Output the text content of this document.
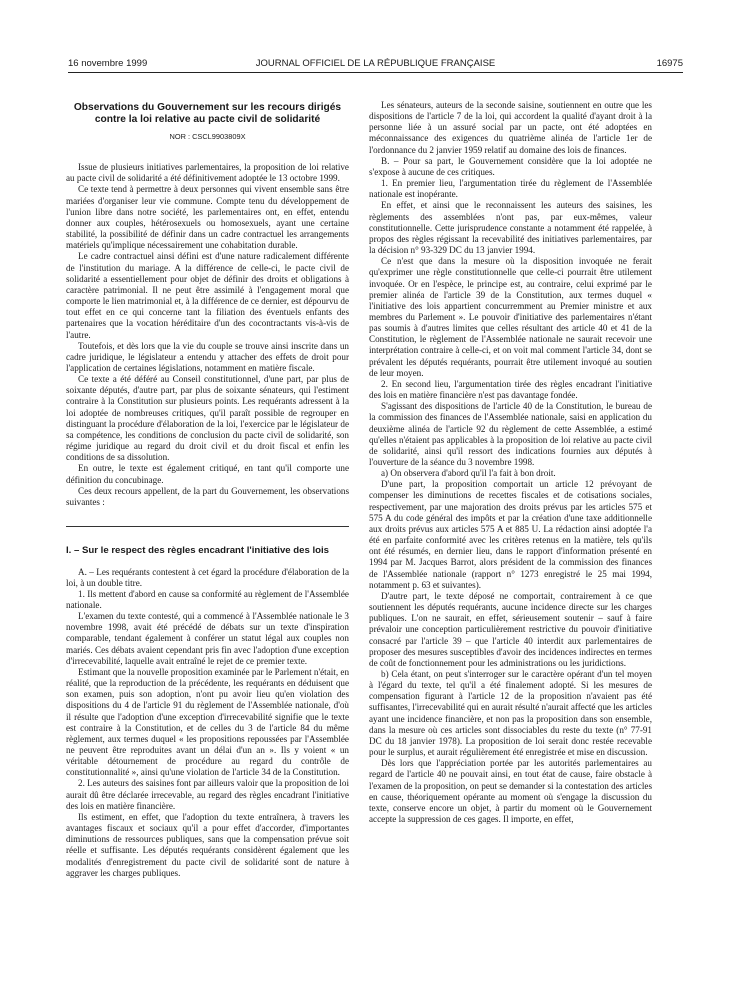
16 novembre 1999	JOURNAL OFFICIEL DE LA RÉPUBLIQUE FRANÇAISE	16975
Observations du Gouvernement sur les recours dirigés contre la loi relative au pacte civil de solidarité
NOR : CSCL9903809X

Issue de plusieurs initiatives parlementaires, la proposition de loi relative au pacte civil de solidarité a été définitivement adoptée le 13 octobre 1999.

Ce texte tend à permettre à deux personnes qui vivent ensemble sans être mariées d'organiser leur vie commune. Compte tenu du développement de l'union libre dans notre société, les parlementaires ont, en effet, entendu donner aux couples, hétérosexuels ou homosexuels, ayant une certaine stabilité, la possibilité de définir dans un cadre contractuel les arrangements matériels qu'implique nécessairement une cohabitation durable.

Le cadre contractuel ainsi défini est d'une nature radicalement différente de l'institution du mariage. A la différence de celle-ci, le pacte civil de solidarité a essentiellement pour objet de définir des droits et obligations à caractère patrimonial. Il ne peut être assimilé à l'engagement moral que comporte le lien matrimonial et, à la différence de ce dernier, est dépourvu de tout effet en ce qui concerne tant la filiation des éventuels enfants des partenaires que la vocation héréditaire d'un des cocontractants vis-à-vis de l'autre.

Toutefois, et dès lors que la vie du couple se trouve ainsi inscrite dans un cadre juridique, le législateur a entendu y attacher des effets de droit pour l'application de certaines législations, notamment en matière fiscale.

Ce texte a été déféré au Conseil constitutionnel, d'une part, par plus de soixante députés, d'autre part, par plus de soixante sénateurs, qui l'estiment contraire à la Constitution sur plusieurs points. Les requérants adressent à la loi adoptée de nombreuses critiques, qu'il paraît possible de regrouper en distinguant la procédure d'élaboration de la loi, l'exercice par le législateur de sa compétence, les conditions de conclusion du pacte civil de solidarité, son régime juridique au regard du droit civil et du droit fiscal et enfin les conditions de sa dissolution.

En outre, le texte est également critiqué, en tant qu'il comporte une définition du concubinage.

Ces deux recours appellent, de la part du Gouvernement, les observations suivantes :

I. – Sur le respect des règles encadrant l'initiative des lois

A. – Les requérants contestent à cet égard la procédure d'élaboration de la loi, à un double titre.

1. Ils mettent d'abord en cause sa conformité au règlement de l'Assemblée nationale.

L'examen du texte contesté, qui a commencé à l'Assemblée nationale le 3 novembre 1998, avait été précédé de débats sur un texte d'inspiration comparable, tendant également à conférer un statut légal aux couples non mariés. Ces débats avaient cependant pris fin avec l'adoption d'une exception d'irrecevabilité, laquelle avait entraîné le rejet de ce premier texte.

Estimant que la nouvelle proposition examinée par le Parlement n'était, en réalité, que la reproduction de la précédente, les requérants en déduisent que son examen, puis son adoption, n'ont pu avoir lieu qu'en violation des dispositions du 4 de l'article 91 du règlement de l'Assemblée nationale, d'où il résulte que l'adoption d'une exception d'irrecevabilité signifie que le texte est contraire à la Constitution, et de celles du 3 de l'article 84 du même règlement, aux termes duquel « les propositions repoussées par l'Assemblée ne peuvent être reproduites avant un délai d'un an ». Ils y voient « un véritable détournement de procédure au regard du contrôle de constitutionnalité », ainsi qu'une violation de l'article 34 de la Constitution.

2. Les auteurs des saisines font par ailleurs valoir que la proposition de loi aurait dû être déclarée irrecevable, au regard des règles encadrant l'initiative des lois en matière financière.

Ils estiment, en effet, que l'adoption du texte entraînera, à travers les avantages fiscaux et sociaux qu'il a pour effet d'accorder, d'importantes diminutions de ressources publiques, sans que la compensation prévue soit réelle et suffisante. Les députés requérants considèrent également que les modalités d'enregistrement du pacte civil de solidarité sont de nature à aggraver les charges publiques.

Les sénateurs, auteurs de la seconde saisine, soutiennent en outre que les dispositions de l'article 7 de la loi, qui accordent la qualité d'ayant droit à la personne liée à un assuré social par un pacte, ont été adoptées en méconnaissance des exigences du quatrième alinéa de l'article 1er de l'ordonnance du 2 janvier 1959 relatif au domaine des lois de finances.

B. – Pour sa part, le Gouvernement considère que la loi adoptée ne s'expose à aucune de ces critiques.

1. En premier lieu, l'argumentation tirée du règlement de l'Assemblée nationale est inopérante.

En effet, et ainsi que le reconnaissent les auteurs des saisines, les règlements des assemblées n'ont pas, par eux-mêmes, valeur constitutionnelle. Cette jurisprudence constante a notamment été rappelée, à propos des règles régissant la recevabilité des initiatives parlementaires, par la décision n° 93-329 DC du 13 janvier 1994.

Ce n'est que dans la mesure où la disposition invoquée ne ferait qu'exprimer une règle constitutionnelle que celle-ci pourrait être utilement invoquée. Or en l'espèce, le principe est, au contraire, celui exprimé par le premier alinéa de l'article 39 de la Constitution, aux termes duquel « l'initiative des lois appartient concurremment au Premier ministre et aux membres du Parlement ». Le pouvoir d'initiative des parlementaires n'étant pas soumis à d'autres limites que celles résultant des article 40 et 41 de la Constitution, le règlement de l'Assemblée nationale ne saurait recevoir une interprétation contraire à celle-ci, et on voit mal comment l'article 34, dont se prévalent les députés requérants, pourrait être utilement invoqué au soutien de leur moyen.

2. En second lieu, l'argumentation tirée des règles encadrant l'initiative des lois en matière financière n'est pas davantage fondée.

S'agissant des dispositions de l'article 40 de la Constitution, le bureau de la commission des finances de l'Assemblée nationale, saisi en application du deuxième alinéa de l'article 92 du règlement de cette Assemblée, a estimé qu'elles n'étaient pas applicables à la proposition de loi relative au pacte civil de solidarité, ainsi qu'il ressort des indications fournies aux députés à l'ouverture de la séance du 3 novembre 1998.

a) On observera d'abord qu'il l'a fait à bon droit.

D'une part, la proposition comportait un article 12 prévoyant de compenser les diminutions de recettes fiscales et de cotisations sociales, respectivement, par une majoration des droits prévus par les articles 575 et 575 A du code général des impôts et par la création d'une taxe additionnelle aux droits prévus aux articles 575 A et 885 U. La rédaction ainsi adoptée l'a été en parfaite conformité avec les critères retenus en la matière, tels qu'ils ont été résumés, en dernier lieu, dans le rapport d'information présenté en 1994 par M. Jacques Barrot, alors président de la commission des finances de l'Assemblée nationale (rapport n° 1273 enregistré le 25 mai 1994, notamment p. 63 et suivantes).

D'autre part, le texte déposé ne comportait, contrairement à ce que soutiennent les députés requérants, aucune incidence directe sur les charges publiques. L'on ne saurait, en effet, sérieusement soutenir – sauf à faire prévaloir une conception particulièrement restrictive du pouvoir d'initiative consacré par l'article 39 – que l'article 40 interdit aux parlementaires de proposer des mesures susceptibles d'avoir des incidences indirectes en termes de coût de fonctionnement pour les administrations ou les juridictions.

b) Cela étant, on peut s'interroger sur le caractère opérant d'un tel moyen à l'égard du texte, tel qu'il a été finalement adopté. Si les mesures de compensation figurant à l'article 12 de la proposition n'avaient pas été suffisantes, l'irrecevabilité qui en aurait résulté n'aurait affecté que les articles ayant une incidence financière, et non pas la proposition dans son ensemble, dans la mesure où ces articles sont dissociables du reste du texte (n° 77-91 DC du 18 janvier 1978). La proposition de loi serait donc restée recevable pour le surplus, et aurait régulièrement été enregistrée et mise en discussion.

Dès lors que l'appréciation portée par les autorités parlementaires au regard de l'article 40 ne pouvait ainsi, en tout état de cause, faire obstacle à l'examen de la proposition, on peut se demander si la contestation des articles en cause, théoriquement opérante au moment où s'engage la discussion du texte, conserve encore un objet, à partir du moment où le Gouvernement accepte la suppression de ces gages. Il importe, en effet,
